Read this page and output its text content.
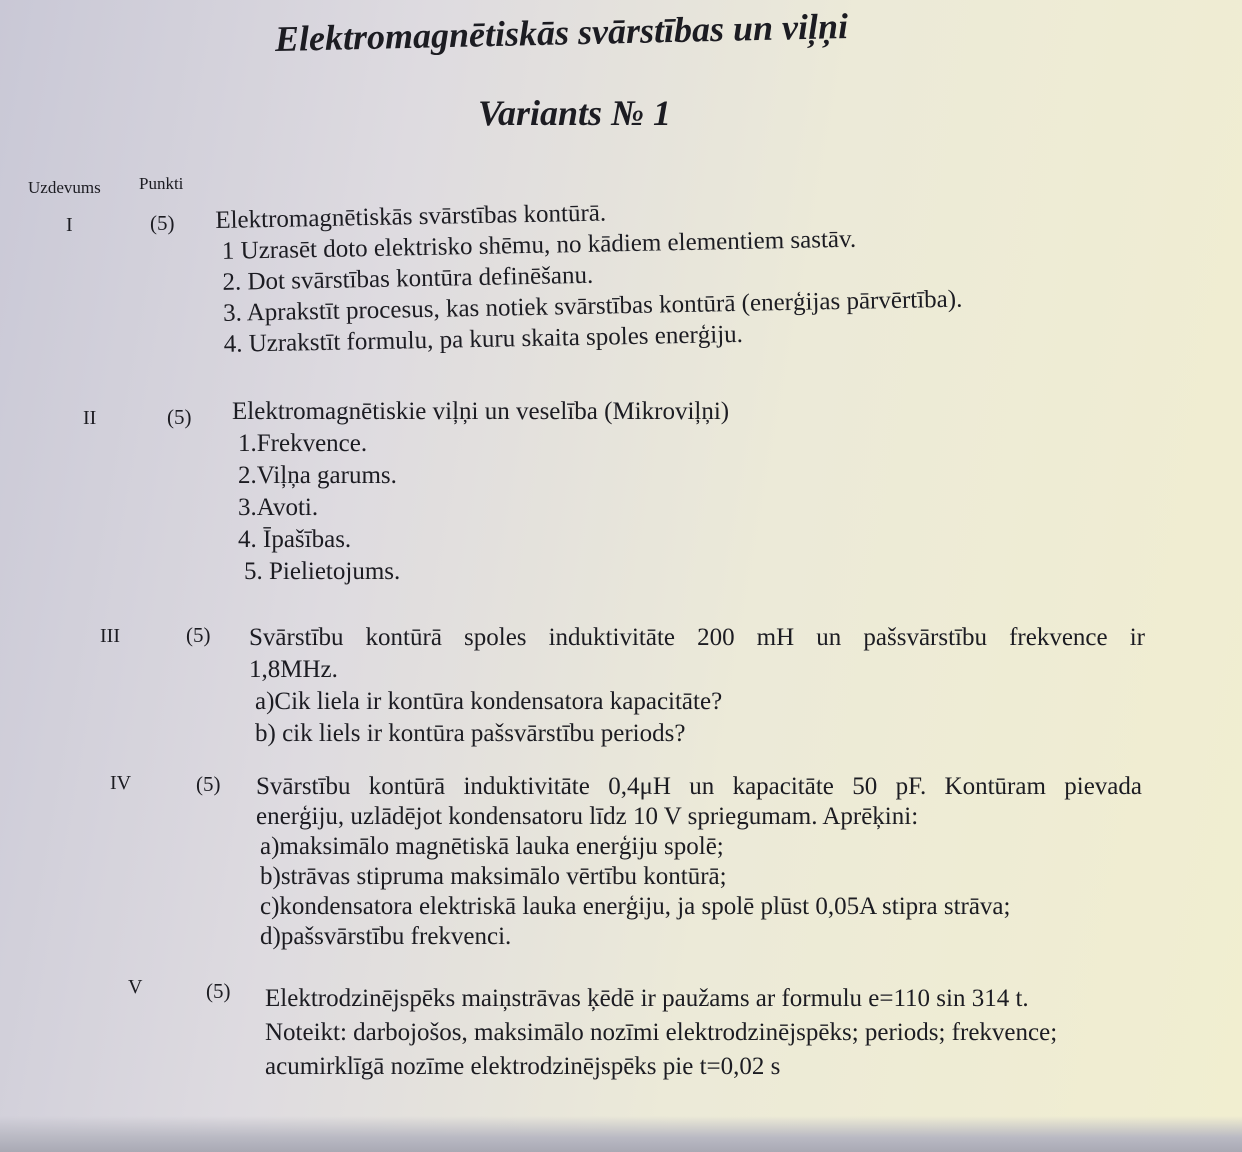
Elektromagnētiskās svārstības un viļņi
Variants № 1
Uzdevums Punkti
I	(5) Elektromagnētiskās svārstības kontūrā.
1 Uzrasēt doto elektrisko shēmu, no kādiem elementiem sastāv.
2. Dot svārstības kontūra definēšanu.
3. Aprakstīt procesus, kas notiek svārstības kontūrā (enerģijas pārvērtība).
4. Uzrakstīt formulu, pa kuru skaita spoles enerģiju.
II	(5) Elektromagnētiskie viļņi un veselība (Mikroviļņi)
1.Frekvence.
2.Viļņa garums.
3.Avoti.
4. Īpašības.
5. Pielietojums.
III	(5) Svārstību kontūrā spoles induktivitāte 200 mH un pašsvārstību frekvence ir
1,8MHz.
a)Cik liela ir kontūra kondensatora kapacitāte?
b) cik liels ir kontūra pašsvārstību periods?
IV	(5) Svārstību kontūrā induktivitāte 0,4μH un kapacitāte 50 pF. Kontūram pievada
enerģiju, uzlādējot kondensatoru līdz 10 V spriegumam. Aprēķini:
a)maksimālo magnētiskā lauka enerģiju spolē;
b)strāvas stipruma maksimālo vērtību kontūrā;
c)kondensatora elektriskā lauka enerģiju, ja spolē plūst 0,05A stipra strāva;
d)pašsvārstību frekvenci.
V	(5) Elektrodzinējspēks maiņstrāvas ķēdē ir paužams ar formulu e=110 sin 314 t.
Noteikt: darbojošos, maksimālo nozīmi elektrodzinējspēks; periods; frekvence;
acumirklīgā nozīme elektrodzinējspēks pie t=0,02 s
